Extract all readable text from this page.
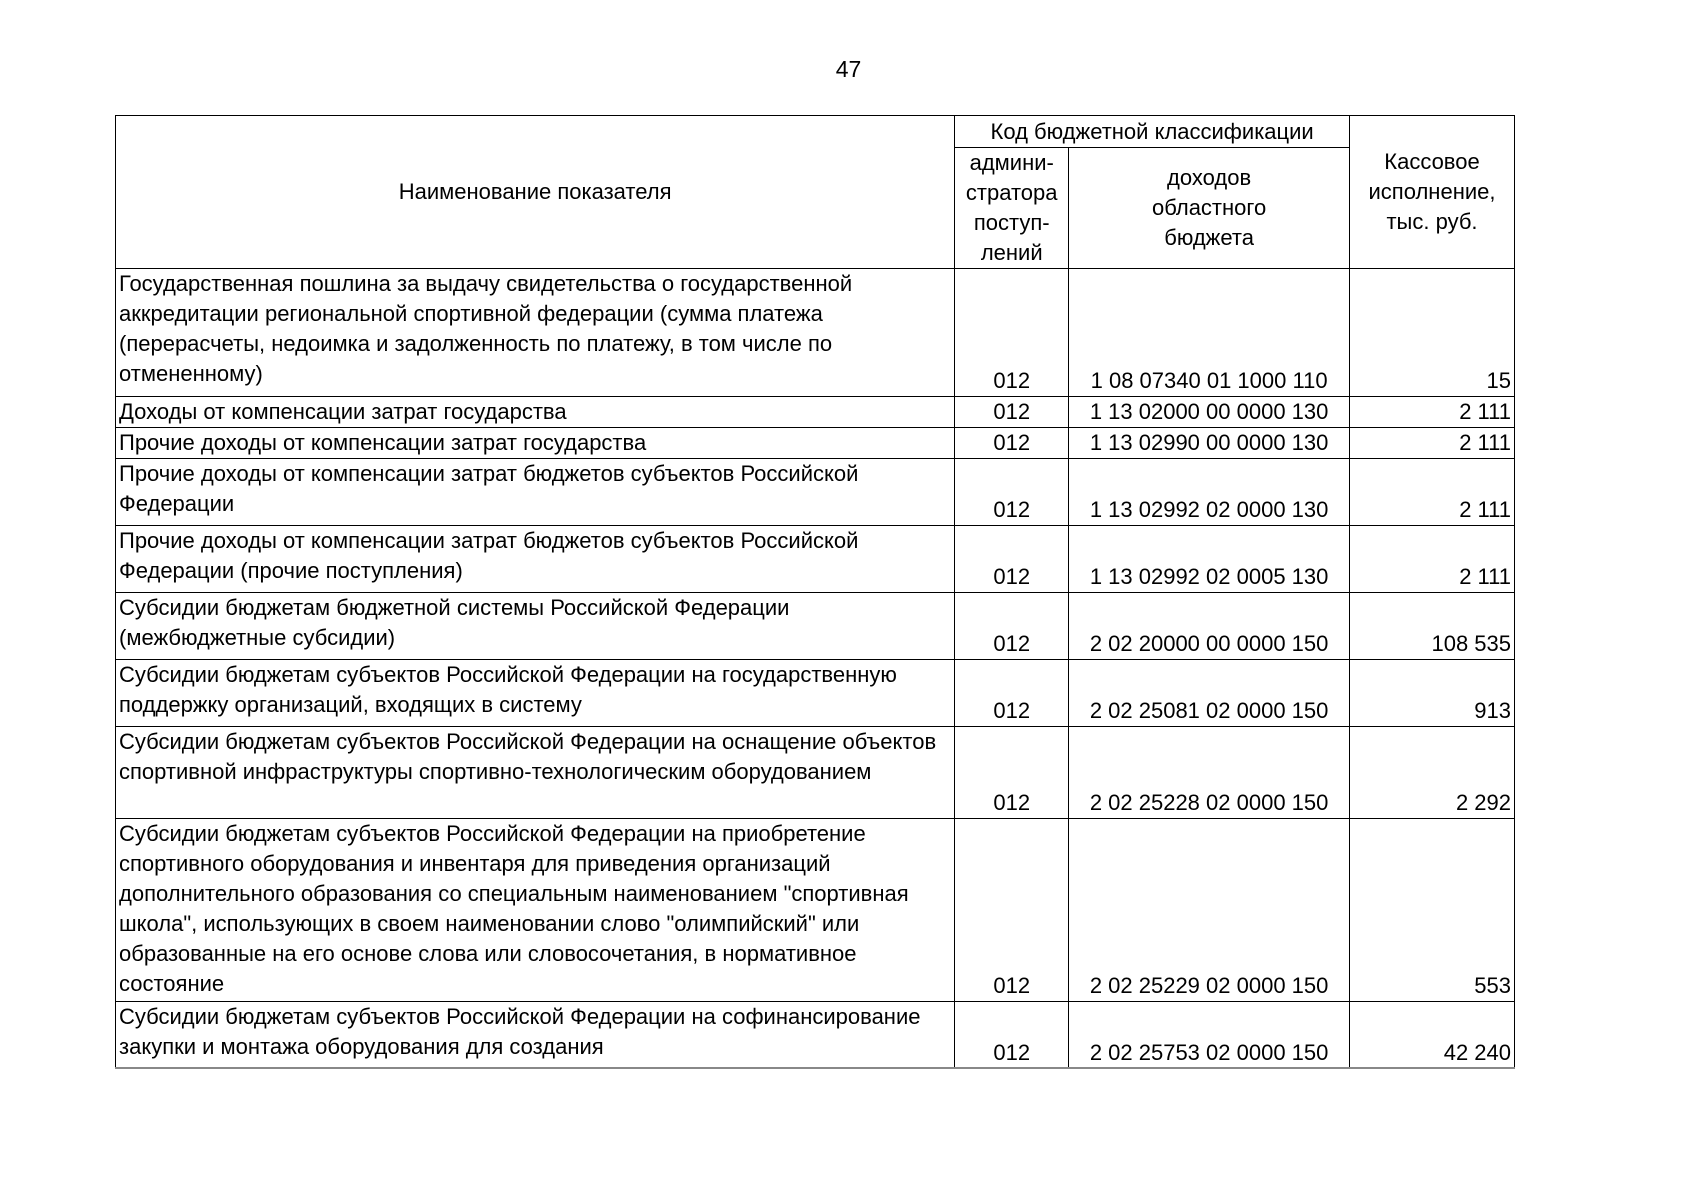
47
Наименование показателя	Код бюджетной классификации		Кассовое
исполнение,
тыс. руб.
	админи-
стратора
поступ-
лений	доходов
областного
бюджета	
Государственная пошлина за выдачу свидетельства о государственной аккредитации региональной спортивной федерации (сумма платежа (перерасчеты, недоимка и задолженность по платежу, в том числе по отмененному)	012	1 08 07340 01 1000 110	15
Доходы от компенсации затрат государства	012	1 13 02000 00 0000 130	2 111
Прочие доходы от компенсации затрат государства	012	1 13 02990 00 0000 130	2 111
Прочие доходы от компенсации затрат бюджетов субъектов Российской Федерации	012	1 13 02992 02 0000 130	2 111
Прочие доходы от компенсации затрат бюджетов субъектов Российской Федерации (прочие поступления)	012	1 13 02992 02 0005 130	2 111
Субсидии бюджетам бюджетной системы Российской Федерации (межбюджетные субсидии)	012	2 02 20000 00 0000 150	108 535
Субсидии бюджетам субъектов Российской Федерации на государственную поддержку организаций, входящих в систему	012	2 02 25081 02 0000 150	913
Субсидии бюджетам субъектов Российской Федерации на оснащение объектов спортивной инфраструктуры спортивно-технологическим оборудованием	012	2 02 25228 02 0000 150	2 292
Субсидии бюджетам субъектов Российской Федерации на приобретение спортивного оборудования и инвентаря для приведения организаций дополнительного образования со специальным наименованием "спортивная школа", использующих в своем наименовании слово "олимпийский" или образованные на его основе слова или словосочетания, в нормативное состояние	012	2 02 25229 02 0000 150	553
Субсидии бюджетам субъектов Российской Федерации на софинансирование закупки и монтажа оборудования для создания	012	2 02 25753 02 0000 150	42 240
